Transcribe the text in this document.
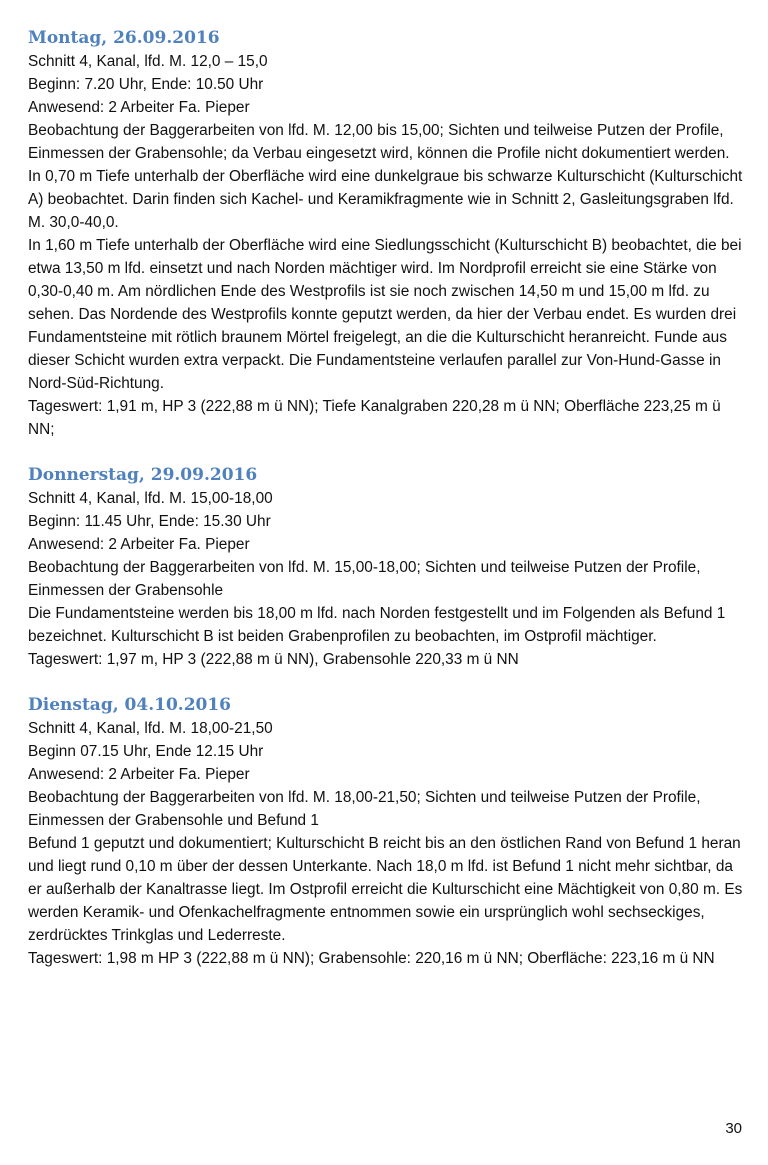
Montag, 26.09.2016
Schnitt 4, Kanal, lfd. M. 12,0 – 15,0
Beginn: 7.20 Uhr, Ende: 10.50 Uhr
Anwesend: 2 Arbeiter Fa. Pieper

Beobachtung der Baggerarbeiten von lfd. M. 12,00 bis 15,00; Sichten und teilweise Putzen der Profile, Einmessen der Grabensohle; da Verbau eingesetzt wird, können die Profile nicht dokumentiert werden.

In 0,70 m Tiefe unterhalb der Oberfläche wird eine dunkelgraue bis schwarze Kulturschicht (Kulturschicht A) beobachtet. Darin finden sich Kachel- und Keramikfragmente wie in Schnitt 2, Gasleitungsgraben lfd. M. 30,0-40,0.

In 1,60 m Tiefe unterhalb der Oberfläche wird eine Siedlungsschicht (Kulturschicht B) beobachtet, die bei etwa 13,50 m lfd. einsetzt und nach Norden mächtiger wird. Im Nordprofil erreicht sie eine Stärke von 0,30-0,40 m. Am nördlichen Ende des Westprofils ist sie noch zwischen 14,50 m und 15,00 m lfd. zu sehen. Das Nordende des Westprofils konnte geputzt werden, da hier der Verbau endet. Es wurden drei Fundamentsteine mit rötlich braunem Mörtel freigelegt, an die die Kulturschicht heranreicht. Funde aus dieser Schicht wurden extra verpackt. Die Fundamentsteine verlaufen parallel zur Von-Hund-Gasse in Nord-Süd-Richtung.

Tageswert: 1,91 m, HP 3 (222,88 m ü NN); Tiefe Kanalgraben 220,28 m ü NN; Oberfläche 223,25 m ü NN;

Donnerstag, 29.09.2016
Schnitt 4, Kanal, lfd. M. 15,00-18,00
Beginn: 11.45 Uhr, Ende: 15.30 Uhr
Anwesend: 2 Arbeiter Fa. Pieper

Beobachtung der Baggerarbeiten von lfd. M. 15,00-18,00; Sichten und teilweise Putzen der Profile, Einmessen der Grabensohle

Die Fundamentsteine werden bis 18,00 m lfd. nach Norden festgestellt und im Folgenden als Befund 1 bezeichnet. Kulturschicht B ist beiden Grabenprofilen zu beobachten, im Ostprofil mächtiger.

Tageswert: 1,97 m, HP 3 (222,88 m ü NN), Grabensohle 220,33 m ü NN

Dienstag, 04.10.2016
Schnitt 4, Kanal, lfd. M. 18,00-21,50
Beginn 07.15 Uhr, Ende 12.15 Uhr
Anwesend: 2 Arbeiter Fa. Pieper

Beobachtung der Baggerarbeiten von lfd. M. 18,00-21,50; Sichten und teilweise Putzen der Profile, Einmessen der Grabensohle und Befund 1

Befund 1 geputzt und dokumentiert; Kulturschicht B reicht bis an den östlichen Rand von Befund 1 heran und liegt rund 0,10 m über der dessen Unterkante. Nach 18,0 m lfd. ist Befund 1 nicht mehr sichtbar, da er außerhalb der Kanaltrasse liegt. Im Ostprofil erreicht die Kulturschicht eine Mächtigkeit von 0,80 m. Es werden Keramik- und Ofenkachelfragmente entnommen sowie ein ursprünglich wohl sechseckiges, zerdrücktes Trinkglas und Lederreste.

Tageswert: 1,98 m HP 3 (222,88 m ü NN); Grabensohle: 220,16 m ü NN; Oberfläche: 223,16 m ü NN

30
